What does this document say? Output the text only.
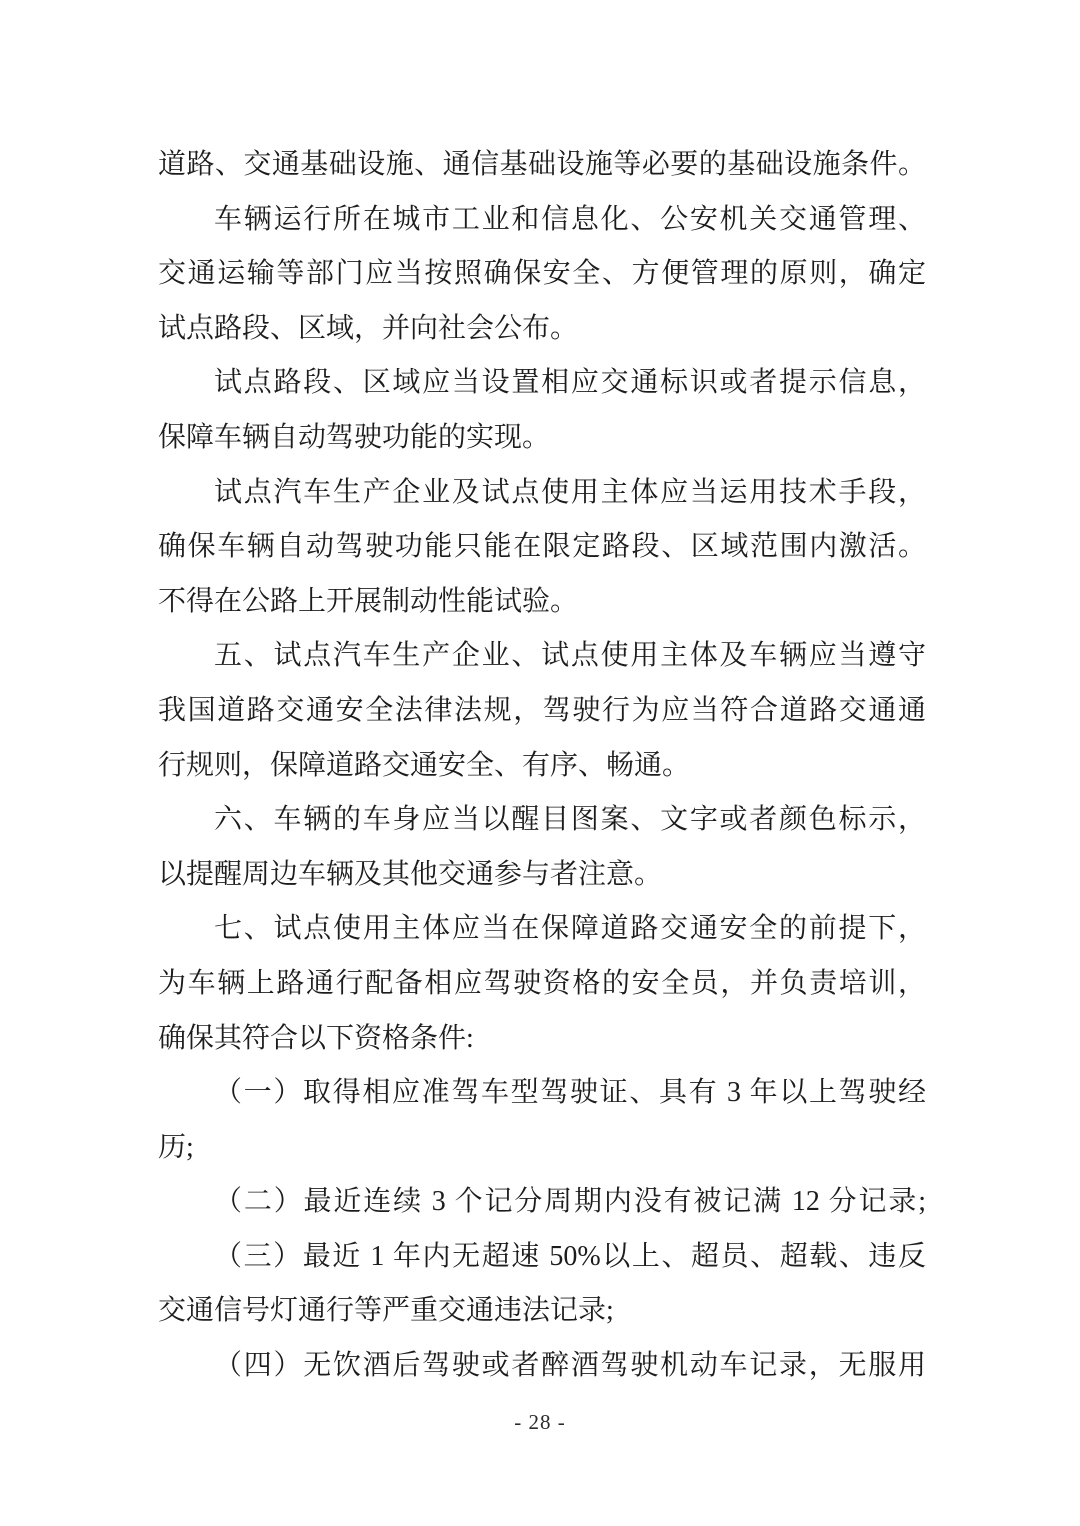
道路、交通基础设施、通信基础设施等必要的基础设施条件。
车辆运行所在城市工业和信息化、公安机关交通管理、
交通运输等部门应当按照确保安全、方便管理的原则，确定
试点路段、区域，并向社会公布。
试点路段、区域应当设置相应交通标识或者提示信息，
保障车辆自动驾驶功能的实现。
试点汽车生产企业及试点使用主体应当运用技术手段，
确保车辆自动驾驶功能只能在限定路段、区域范围内激活。
不得在公路上开展制动性能试验。
五、试点汽车生产企业、试点使用主体及车辆应当遵守
我国道路交通安全法律法规，驾驶行为应当符合道路交通通
行规则，保障道路交通安全、有序、畅通。
六、车辆的车身应当以醒目图案、文字或者颜色标示，
以提醒周边车辆及其他交通参与者注意。
七、试点使用主体应当在保障道路交通安全的前提下，
为车辆上路通行配备相应驾驶资格的安全员，并负责培训，
确保其符合以下资格条件:
（一）取得相应准驾车型驾驶证、具有 3 年以上驾驶经
历;
（二）最近连续 3 个记分周期内没有被记满 12 分记录;
（三）最近 1 年内无超速 50%以上、超员、超载、违反
交通信号灯通行等严重交通违法记录;
（四）无饮酒后驾驶或者醉酒驾驶机动车记录，无服用
- 28 -
